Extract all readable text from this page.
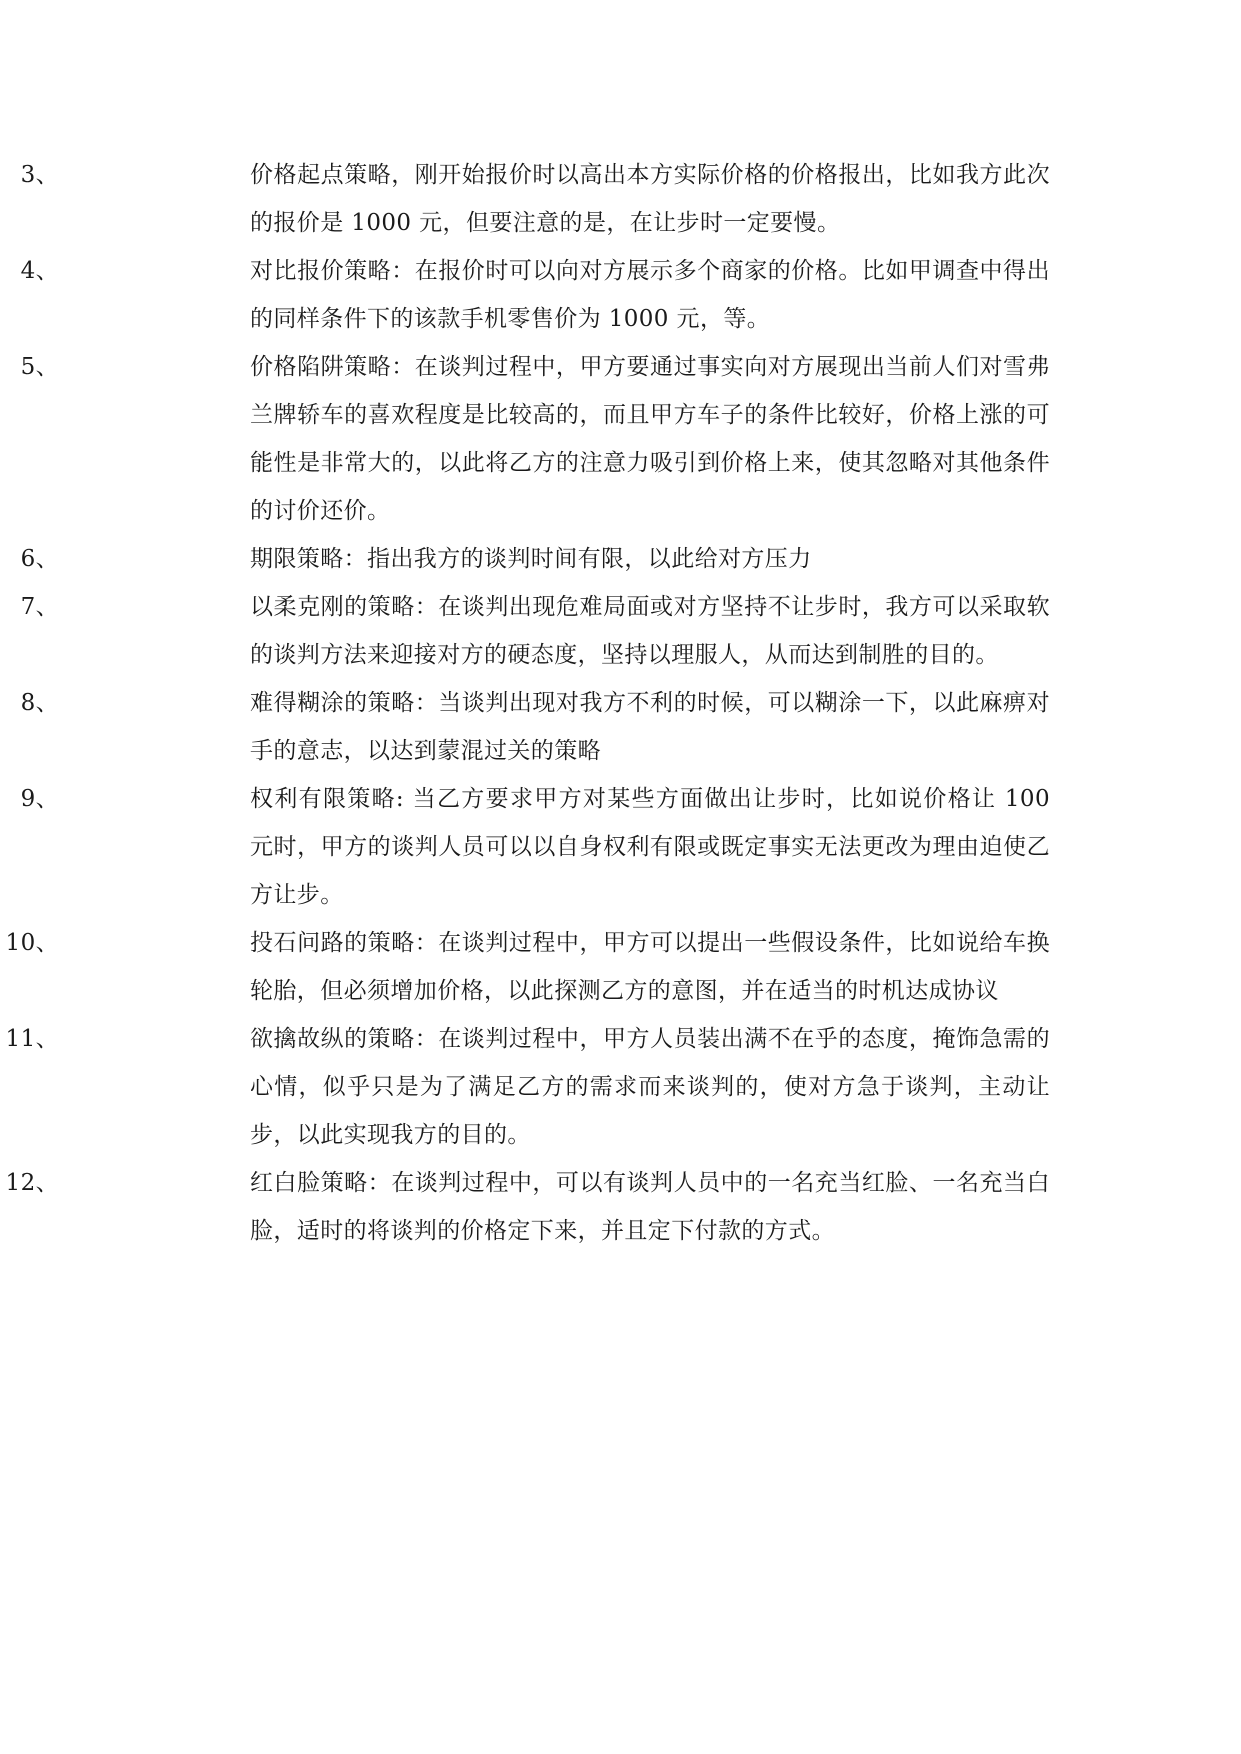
3、	价格起点策略，刚开始报价时以高出本方实际价格的价格报出，比如我方此次的报价是 1000 元，但要注意的是，在让步时一定要慢。
4、	对比报价策略：在报价时可以向对方展示多个商家的价格。比如甲调查中得出的同样条件下的该款手机零售价为 1000 元，等。
5、	价格陷阱策略：在谈判过程中，甲方要通过事实向对方展现出当前人们对雪弗兰牌轿车的喜欢程度是比较高的，而且甲方车子的条件比较好，价格上涨的可能性是非常大的，以此将乙方的注意力吸引到价格上来，使其忽略对其他条件的讨价还价。
6、	期限策略：指出我方的谈判时间有限，以此给对方压力
7、	以柔克刚的策略：在谈判出现危难局面或对方坚持不让步时，我方可以采取软的谈判方法来迎接对方的硬态度，坚持以理服人，从而达到制胜的目的。
8、	难得糊涂的策略：当谈判出现对我方不利的时候，可以糊涂一下，以此麻痹对手的意志，以达到蒙混过关的策略
9、	权利有限策略: 当乙方要求甲方对某些方面做出让步时，比如说价格让 100 元时，甲方的谈判人员可以以自身权利有限或既定事实无法更改为理由迫使乙方让步。
10、	投石问路的策略：在谈判过程中，甲方可以提出一些假设条件，比如说给车换轮胎，但必须增加价格，以此探测乙方的意图，并在适当的时机达成协议
11、	欲擒故纵的策略：在谈判过程中，甲方人员装出满不在乎的态度，掩饰急需的心情，似乎只是为了满足乙方的需求而来谈判的，使对方急于谈判，主动让步，以此实现我方的目的。
12、	红白脸策略：在谈判过程中，可以有谈判人员中的一名充当红脸、一名充当白脸，适时的将谈判的价格定下来，并且定下付款的方式。
